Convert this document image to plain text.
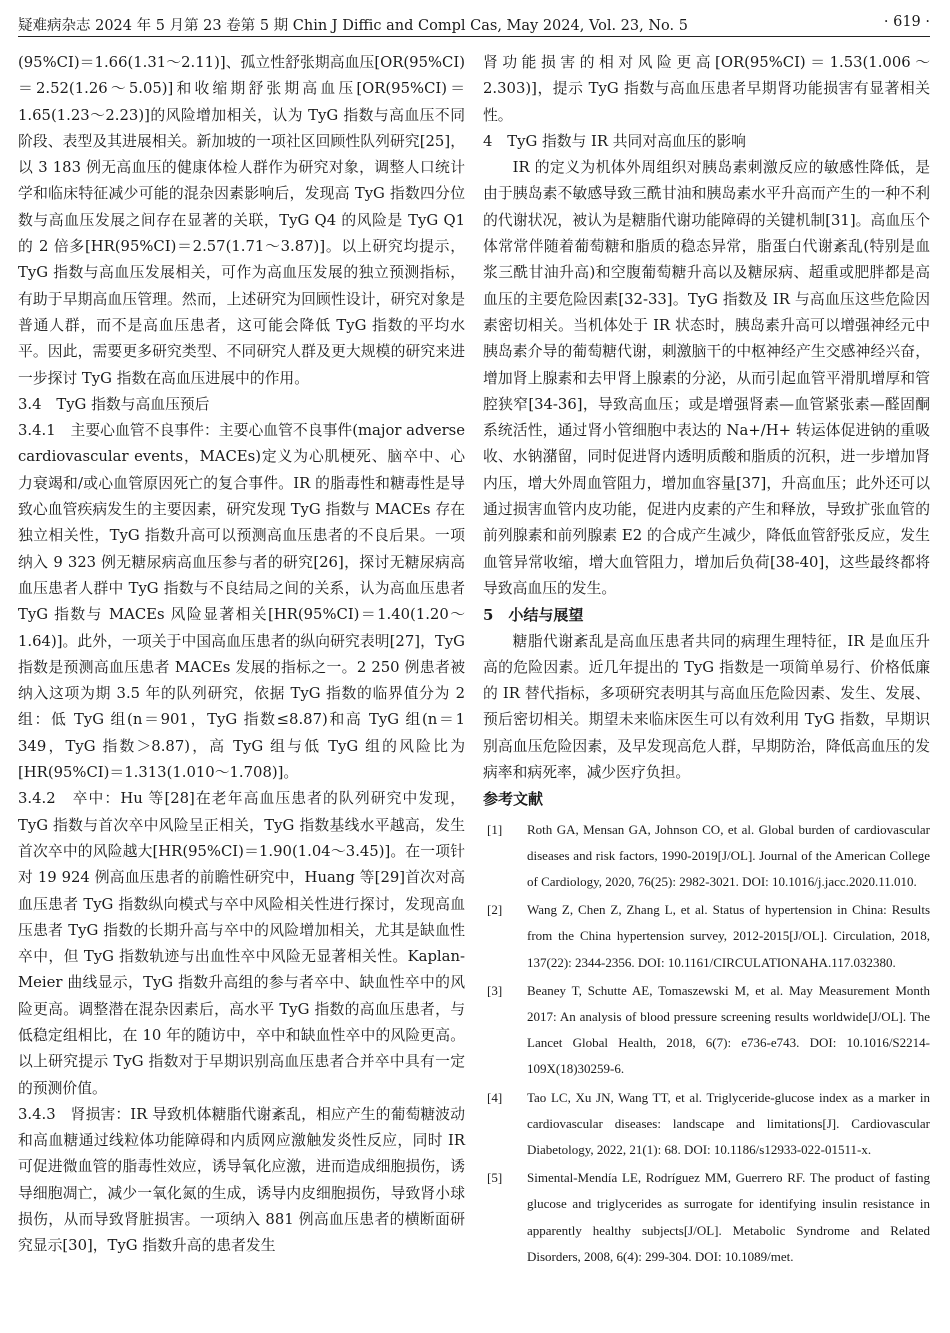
疑难病杂志 2024 年 5 月第 23 卷第 5 期 Chin J Diffic and Compl Cas, May 2024, Vol. 23, No. 5	· 619 ·

(95%CI)＝1.66(1.31～2.11)]、孤立性舒张期高血压[OR(95%CI)＝2.52(1.26～5.05)]和收缩期舒张期高血压[OR(95%CI)＝1.65(1.23～2.23)]的风险增加相关，认为 TyG 指数与高血压不同阶段、表型及其进展相关。新加坡的一项社区回顾性队列研究[25]，以 3 183 例无高血压的健康体检人群作为研究对象，调整人口统计学和临床特征减少可能的混杂因素影响后，发现高 TyG 指数四分位数与高血压发展之间存在显著的关联，TyG Q4 的风险是 TyG Q1 的 2 倍多[HR(95%CI)＝2.57(1.71～3.87)]。以上研究均提示，TyG 指数与高血压发展相关，可作为高血压发展的独立预测指标，有助于早期高血压管理。然而，上述研究为回顾性设计，研究对象是普通人群，而不是高血压患者，这可能会降低 TyG 指数的平均水平。因此，需要更多研究类型、不同研究人群及更大规模的研究来进一步探讨 TyG 指数在高血压进展中的作用。

3.4　TyG 指数与高血压预后

3.4.1　主要心血管不良事件：主要心血管不良事件(major adverse cardiovascular events，MACEs)定义为心肌梗死、脑卒中、心力衰竭和/或心血管原因死亡的复合事件。IR 的脂毒性和糖毒性是导致心血管疾病发生的主要因素，研究发现 TyG 指数与 MACEs 存在独立相关性，TyG 指数升高可以预测高血压患者的不良后果。一项纳入 9 323 例无糖尿病高血压参与者的研究[26]，探讨无糖尿病高血压患者人群中 TyG 指数与不良结局之间的关系，认为高血压患者 TyG 指数与 MACEs 风险显著相关[HR(95%CI)＝1.40(1.20～1.64)]。此外，一项关于中国高血压患者的纵向研究表明[27]，TyG 指数是预测高血压患者 MACEs 发展的指标之一。2 250 例患者被纳入这项为期 3.5 年的队列研究，依据 TyG 指数的临界值分为 2 组：低 TyG 组(n＝901，TyG 指数≤8.87)和高 TyG 组(n＝1 349，TyG 指数＞8.87)，高 TyG 组与低 TyG 组的风险比为[HR(95%CI)＝1.313(1.010～1.708)]。

3.4.2　卒中：Hu 等[28]在老年高血压患者的队列研究中发现，TyG 指数与首次卒中风险呈正相关，TyG 指数基线水平越高，发生首次卒中的风险越大[HR(95%CI)＝1.90(1.04～3.45)]。在一项针对 19 924 例高血压患者的前瞻性研究中，Huang 等[29]首次对高血压患者 TyG 指数纵向模式与卒中风险相关性进行探讨，发现高血压患者 TyG 指数的长期升高与卒中的风险增加相关，尤其是缺血性卒中，但 TyG 指数轨迹与出血性卒中风险无显著相关性。Kaplan-Meier 曲线显示，TyG 指数升高组的参与者卒中、缺血性卒中的风险更高。调整潜在混杂因素后，高水平 TyG 指数的高血压患者，与低稳定组相比，在 10 年的随访中，卒中和缺血性卒中的风险更高。以上研究提示 TyG 指数对于早期识别高血压患者合并卒中具有一定的预测价值。

3.4.3　肾损害：IR 导致机体糖脂代谢紊乱，相应产生的葡萄糖波动和高血糖通过线粒体功能障碍和内质网应激触发炎性反应，同时 IR 可促进微血管的脂毒性效应，诱导氧化应激，进而造成细胞损伤，诱导细胞凋亡，减少一氧化氮的生成，诱导内皮细胞损伤，导致肾小球损伤，从而导致肾脏损害。一项纳入 881 例高血压患者的横断面研究显示[30]，TyG 指数升高的患者发生

肾功能损害的相对风险更高[OR(95%CI)＝1.53(1.006～2.303)]，提示 TyG 指数与高血压患者早期肾功能损害有显著相关性。

4　TyG 指数与 IR 共同对高血压的影响

IR 的定义为机体外周组织对胰岛素刺激反应的敏感性降低，是由于胰岛素不敏感导致三酰甘油和胰岛素水平升高而产生的一种不利的代谢状况，被认为是糖脂代谢功能障碍的关键机制[31]。高血压个体常常伴随着葡萄糖和脂质的稳态异常，脂蛋白代谢紊乱(特别是血浆三酰甘油升高)和空腹葡萄糖升高以及糖尿病、超重或肥胖都是高血压的主要危险因素[32-33]。TyG 指数及 IR 与高血压这些危险因素密切相关。当机体处于 IR 状态时，胰岛素升高可以增强神经元中胰岛素介导的葡萄糖代谢，刺激脑干的中枢神经产生交感神经兴奋，增加肾上腺素和去甲肾上腺素的分泌，从而引起血管平滑肌增厚和管腔狭窄[34-36]，导致高血压；或是增强肾素—血管紧张素—醛固酮系统活性，通过肾小管细胞中表达的 Na+/H+ 转运体促进钠的重吸收、水钠潴留，同时促进肾内透明质酸和脂质的沉积，进一步增加肾内压，增大外周血管阻力，增加血容量[37]，升高血压；此外还可以通过损害血管内皮功能，促进内皮素的产生和释放，导致扩张血管的前列腺素和前列腺素 E2 的合成产生减少，降低血管舒张反应，发生血管异常收缩，增大血管阻力，增加后负荷[38-40]，这些最终都将导致高血压的发生。

5　小结与展望

糖脂代谢紊乱是高血压患者共同的病理生理特征，IR 是血压升高的危险因素。近几年提出的 TyG 指数是一项简单易行、价格低廉的 IR 替代指标，多项研究表明其与高血压危险因素、发生、发展、预后密切相关。期望未来临床医生可以有效利用 TyG 指数，早期识别高血压危险因素，及早发现高危人群，早期防治，降低高血压的发病率和病死率，减少医疗负担。

参考文献
[1] Roth GA, Mensan GA, Johnson CO, et al. Global burden of cardiovascular diseases and risk factors, 1990-2019[J/OL]. Journal of the American College of Cardiology, 2020, 76(25): 2982-3021. DOI: 10.1016/j.jacc.2020.11.010.
[2] Wang Z, Chen Z, Zhang L, et al. Status of hypertension in China: Results from the China hypertension survey, 2012-2015[J/OL]. Circulation, 2018, 137(22): 2344-2356. DOI: 10.1161/CIRCULATIONAHA.117.032380.
[3] Beaney T, Schutte AE, Tomaszewski M, et al. May Measurement Month 2017: An analysis of blood pressure screening results worldwide[J/OL]. The Lancet Global Health, 2018, 6(7): e736-e743. DOI: 10.1016/S2214-109X(18)30259-6.
[4] Tao LC, Xu JN, Wang TT, et al. Triglyceride-glucose index as a marker in cardiovascular diseases: landscape and limitations[J]. Cardiovascular Diabetology, 2022, 21(1): 68. DOI: 10.1186/s12933-022-01511-x.
[5] Simental-Mendía LE, Rodríguez MM, Guerrero RF. The product of fasting glucose and triglycerides as surrogate for identifying insulin resistance in apparently healthy subjects[J/OL]. Metabolic Syndrome and Related Disorders, 2008, 6(4): 299-304. DOI: 10.1089/met.
